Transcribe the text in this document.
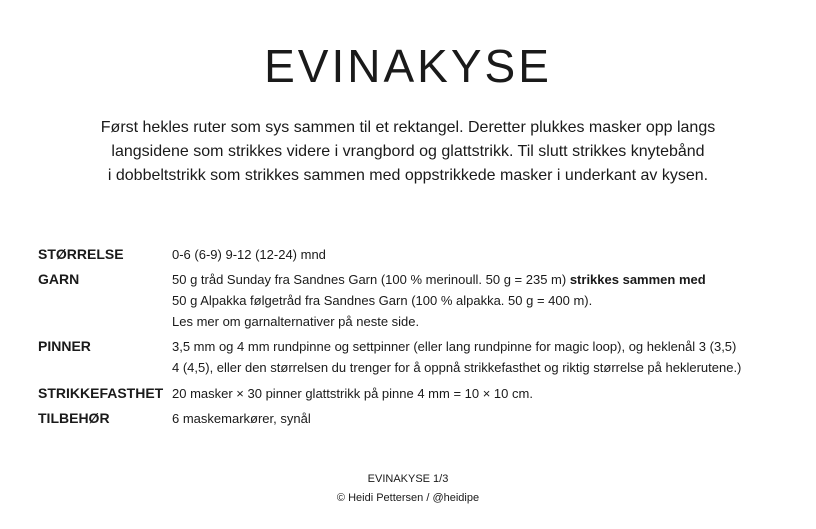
EVINAKYSE
Først hekles ruter som sys sammen til et rektangel. Deretter plukkes masker opp langs
langsidene som strikkes videre i vrangbord og glattstrikk. Til slutt strikkes knytebånd
i dobbeltstrikk som strikkes sammen med oppstrikkede masker i underkant av kysen.
STØRRELSE	0-6 (6-9) 9-12 (12-24) mnd
GARN	50 g tråd Sunday fra Sandnes Garn (100 % merinoull. 50 g = 235 m) strikkes sammen med
50 g Alpakka følgetråd fra Sandnes Garn (100 % alpakka. 50 g = 400 m).
Les mer om garnalternativer på neste side.
PINNER	3,5 mm og 4 mm rundpinne og settpinner (eller lang rundpinne for magic loop), og heklenål 3 (3,5)
4 (4,5), eller den størrelsen du trenger for å oppnå strikkefasthet og riktig størrelse på heklerutene.)
STRIKKEFASTHET 20 masker × 30 pinner glattstrikk på pinne 4 mm = 10 × 10 cm.
TILBEHØR	6 maskemarkører, synål
EVINAKYSE 1/3
© Heidi Pettersen / @heidipe
